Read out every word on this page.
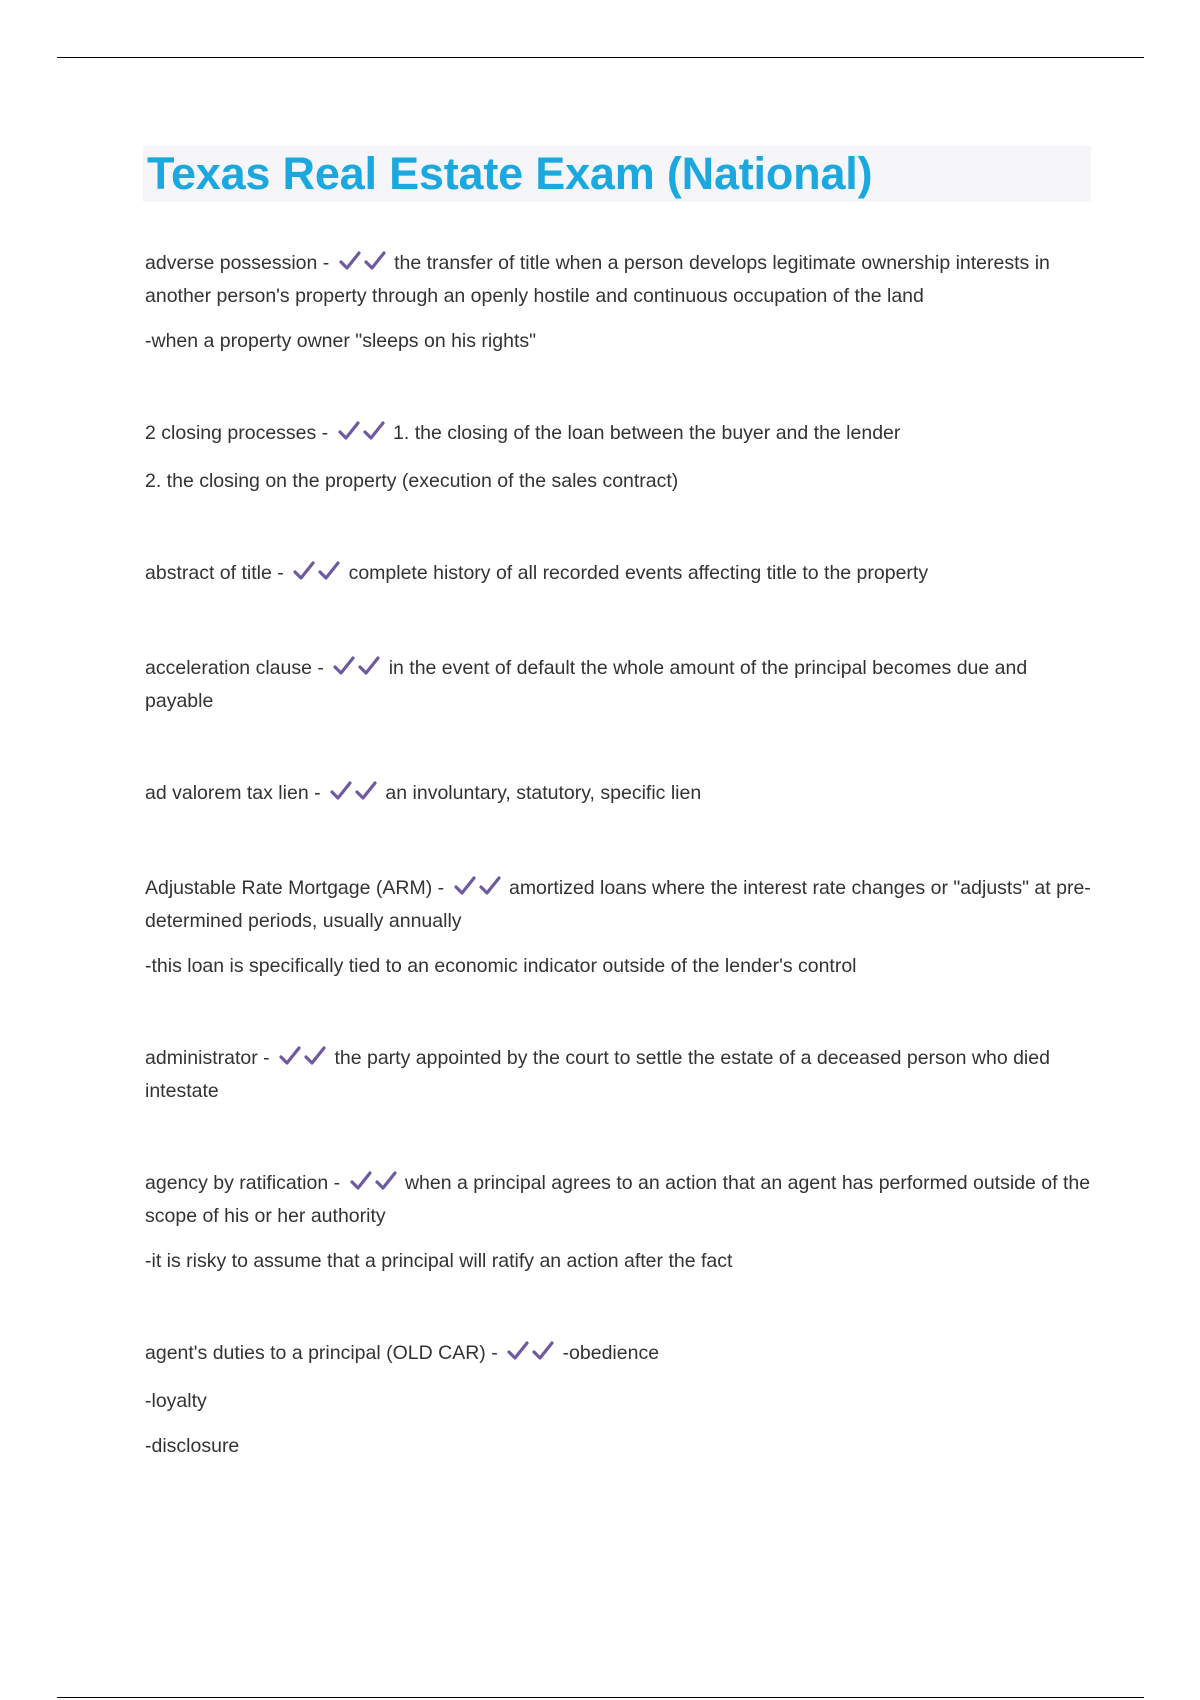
Texas Real Estate Exam (National)

adverse possession -	the transfer of title when a person develops legitimate ownership interests in another person's property through an openly hostile and continuous occupation of the land

-when a property owner "sleeps on his rights"

2 closing processes -	1. the closing of the loan between the buyer and the lender

2. the closing on the property (execution of the sales contract)

abstract of title -	complete history of all recorded events affecting title to the property

acceleration clause -	in the event of default the whole amount of the principal becomes due and payable

ad valorem tax lien -	an involuntary, statutory, specific lien

Adjustable Rate Mortgage (ARM) -	amortized loans where the interest rate changes or "adjusts" at pre-determined periods, usually annually

-this loan is specifically tied to an economic indicator outside of the lender's control

administrator -	the party appointed by the court to settle the estate of a deceased person who died intestate

agency by ratification -	when a principal agrees to an action that an agent has performed outside of the scope of his or her authority

-it is risky to assume that a principal will ratify an action after the fact

agent's duties to a principal (OLD CAR) -	-obedience

-loyalty

-disclosure
